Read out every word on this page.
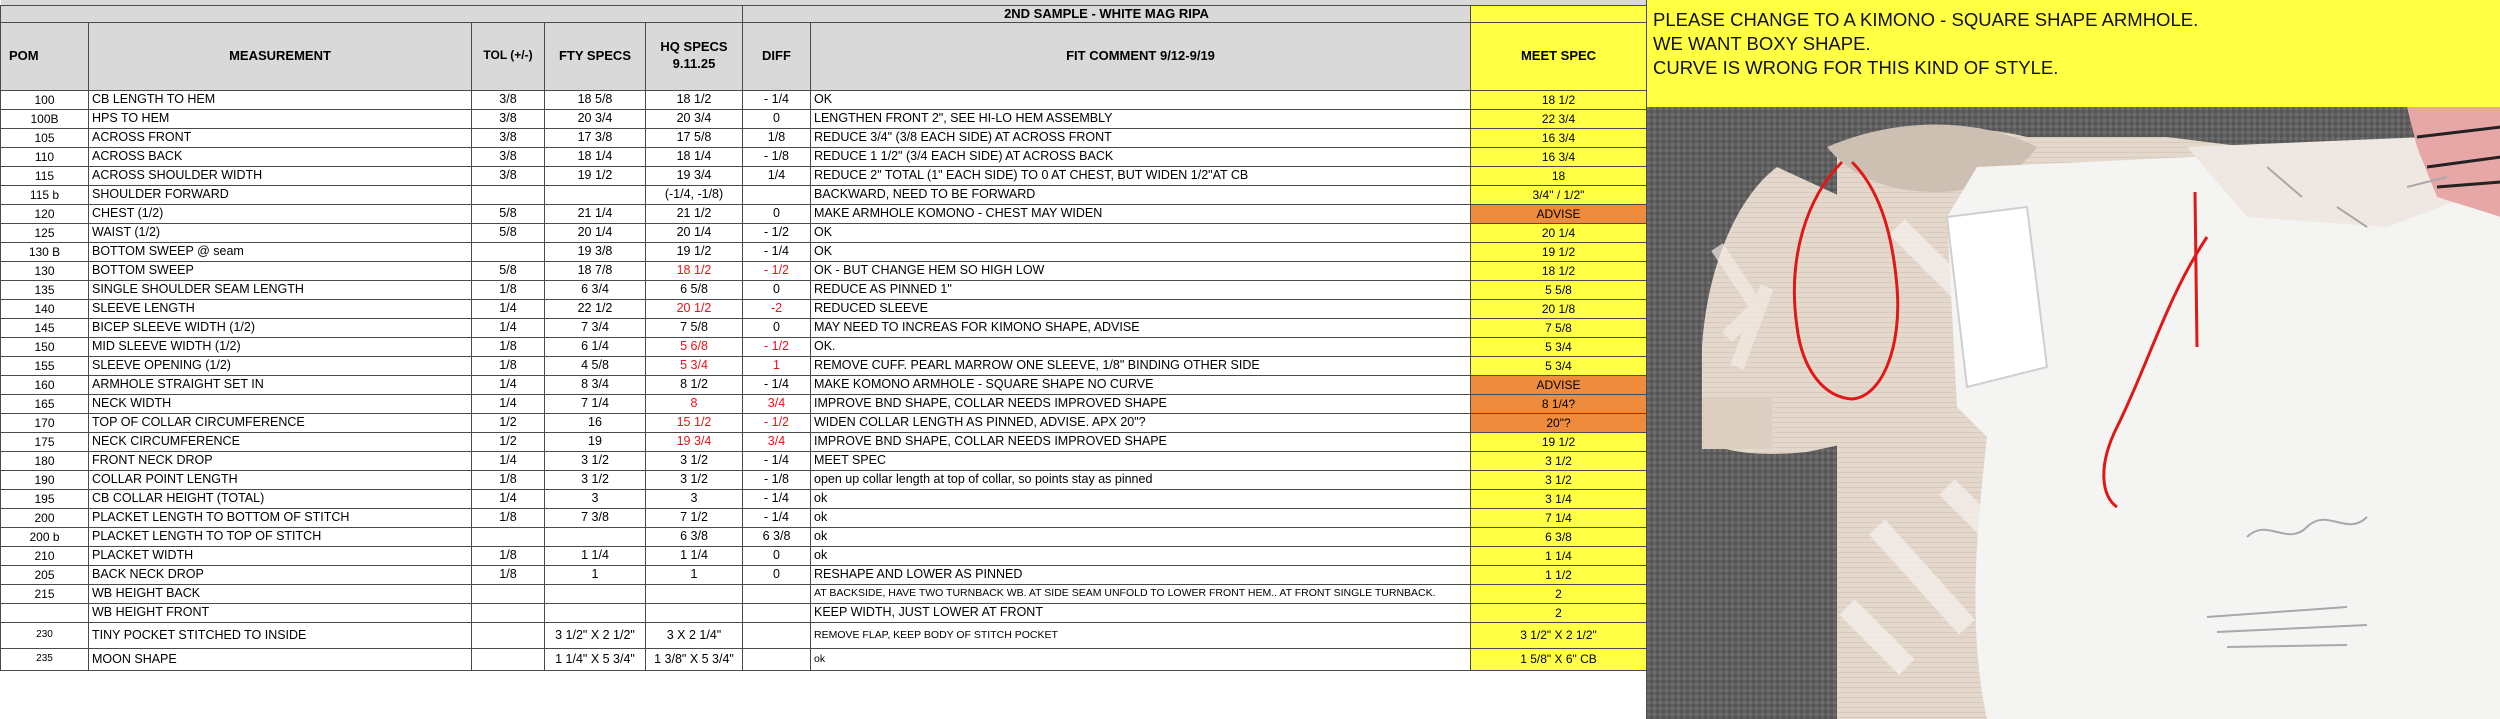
					2ND SAMPLE - WHITE MAG RIPA		
POM	MEASUREMENT	TOL (+/-)	FTY SPECS	HQ SPECS 9.11.25	DIFF	FIT COMMENT 9/12-9/19	MEET SPEC
100	CB LENGTH TO HEM	3/8	18 5/8	18 1/2	- 1/4	OK	18 1/2
100B	HPS TO HEM	3/8	20 3/4	20 3/4	0	LENGTHEN FRONT 2", SEE HI-LO HEM ASSEMBLY	22 3/4
105	ACROSS FRONT	3/8	17 3/8	17 5/8	1/8	REDUCE 3/4" (3/8 EACH SIDE) AT ACROSS FRONT	16 3/4
110	ACROSS BACK	3/8	18 1/4	18 1/4	- 1/8	REDUCE 1 1/2" (3/4 EACH SIDE) AT ACROSS BACK	16 3/4
115	ACROSS SHOULDER WIDTH	3/8	19 1/2	19 3/4	1/4	REDUCE 2" TOTAL (1" EACH SIDE) TO 0 AT CHEST, BUT WIDEN 1/2"AT CB	18
115 b	SHOULDER FORWARD			(-1/4, -1/8)		BACKWARD, NEED TO BE FORWARD	3/4" / 1/2"
120	CHEST (1/2)	5/8	21 1/4	21 1/2	0	MAKE ARMHOLE KOMONO - CHEST MAY WIDEN	ADVISE
125	WAIST (1/2)	5/8	20 1/4	20 1/4	- 1/2	OK	20 1/4
130 B	BOTTOM SWEEP @ seam		19 3/8	19 1/2	- 1/4	OK	19 1/2
130	BOTTOM SWEEP	5/8	18 7/8	18 1/2	- 1/2	OK - BUT CHANGE HEM SO HIGH LOW	18 1/2
135	SINGLE SHOULDER SEAM LENGTH	1/8	6 3/4	6 5/8	0	REDUCE AS PINNED 1"	5 5/8
140	SLEEVE LENGTH	1/4	22 1/2	20 1/2	-2	REDUCED SLEEVE	20 1/8
145	BICEP SLEEVE WIDTH (1/2)	1/4	7 3/4	7 5/8	0	MAY NEED TO INCREAS FOR KIMONO SHAPE, ADVISE	7 5/8
150	MID SLEEVE WIDTH (1/2)	1/8	6 1/4	5 6/8	- 1/2	OK.	5 3/4
155	SLEEVE OPENING (1/2)	1/8	4 5/8	5 3/4	1	REMOVE CUFF. PEARL MARROW ONE SLEEVE, 1/8" BINDING OTHER SIDE	5 3/4
160	ARMHOLE STRAIGHT SET IN	1/4	8 3/4	8 1/2	- 1/4	MAKE KOMONO ARMHOLE - SQUARE SHAPE NO CURVE	ADVISE
165	NECK WIDTH	1/4	7 1/4	8	3/4	IMPROVE BND SHAPE, COLLAR NEEDS IMPROVED SHAPE	8 1/4?
170	TOP OF COLLAR CIRCUMFERENCE	1/2	16	15 1/2	- 1/2	WIDEN COLLAR LENGTH AS PINNED, ADVISE. APX 20"?	20"?
175	NECK CIRCUMFERENCE	1/2	19	19 3/4	3/4	IMPROVE BND SHAPE, COLLAR NEEDS IMPROVED SHAPE	19 1/2
180	FRONT NECK DROP	1/4	3 1/2	3 1/2	- 1/4	MEET SPEC	3 1/2
190	COLLAR POINT LENGTH	1/8	3 1/2	3 1/2	- 1/8	open up collar length at top of collar, so points stay as pinned	3 1/2
195	CB COLLAR HEIGHT (TOTAL)	1/4	3	3	- 1/4	ok	3 1/4
200	PLACKET LENGTH TO BOTTOM OF STITCH	1/8	7 3/8	7 1/2	- 1/4	ok	7 1/4
200 b	PLACKET LENGTH TO TOP OF STITCH			6 3/8	6 3/8	ok	6 3/8
210	PLACKET WIDTH	1/8	1 1/4	1 1/4	0	ok	1 1/4
205	BACK NECK DROP	1/8	1	1	0	RESHAPE AND LOWER AS PINNED	1 1/2
215	WB HEIGHT BACK					AT BACKSIDE, HAVE TWO TURNBACK WB. AT SIDE SEAM UNFOLD TO LOWER FRONT HEM.. AT FRONT SINGLE TURNBACK.	2
	WB HEIGHT FRONT					KEEP WIDTH, JUST LOWER AT FRONT	2
230	TINY POCKET STITCHED TO INSIDE		3 1/2" X 2 1/2"	3 X 2 1/4"		REMOVE FLAP, KEEP BODY OF STITCH POCKET	3 1/2" X 2 1/2"
235	MOON SHAPE		1 1/4" X 5 3/4"	1 3/8" X 5 3/4"		ok	1 5/8" X 6" CB
PLEASE CHANGE TO A KIMONO - SQUARE SHAPE ARMHOLE.
WE WANT BOXY SHAPE.
CURVE IS WRONG FOR THIS KIND OF STYLE.
